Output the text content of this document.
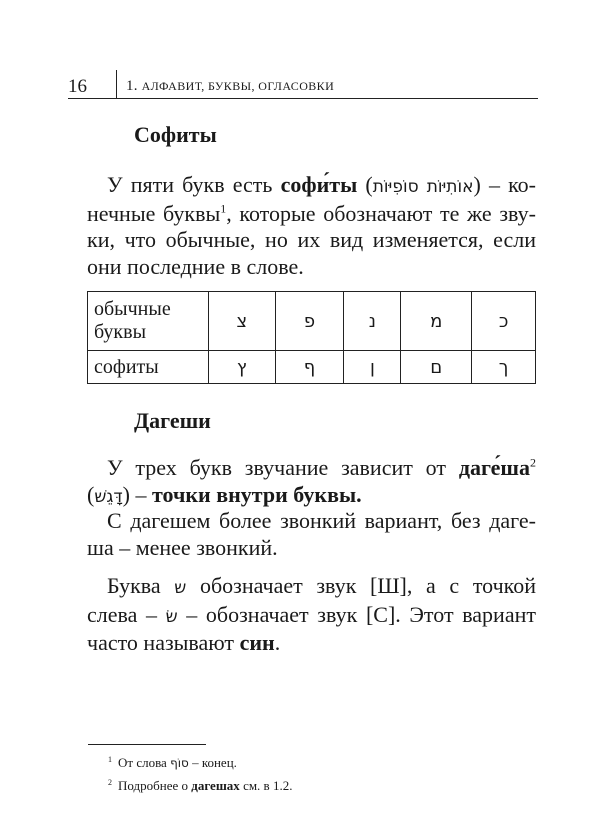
16	1. АЛФАВИТ, БУКВЫ, ОГЛАСОВКИ
Софиты
У пяти букв есть софи́ты (אוֹתִיּוֹת סוֹפִיּוֹת) – ко-
нечные буквы$^1$, которые обозначают те же зву-
ки, что обычные, но их вид изменяется, если
они последние в слове.
обычные буквы	צ	פ	נ	מ	כ
софиты	ץ	ף	ן	ם	ך
Дагеши
У трех букв звучание зависит от $даге́ша^2$
(דָּגֵשׁ) – точки внутри буквы.
С дагешем более звонкий вариант, без даге-
ша – менее звонкий.
Буква ש обозначает звук [Ш], а с точкой
слева – שׂ – обозначает звук [С]. Этот вариант
часто называют син.
$^1$ От слова סוֹף – конец.
$^2$ Подробнее о дагешах см. в 1.2.
